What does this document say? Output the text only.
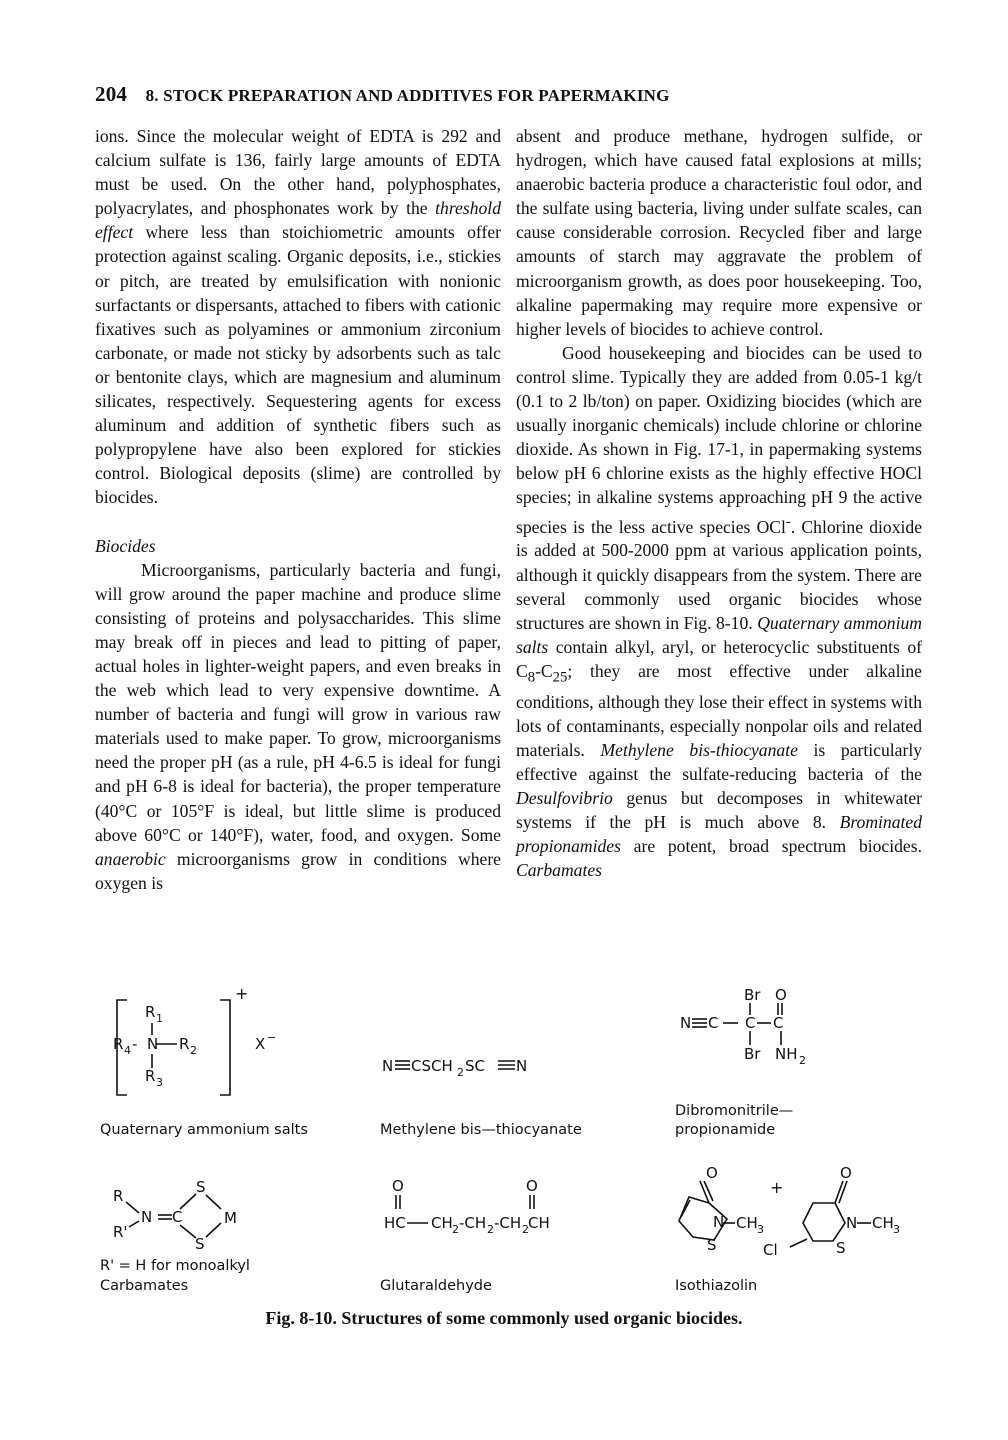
204 8. STOCK PREPARATION AND ADDITIVES FOR PAPERMAKING

ions. Since the molecular weight of EDTA is 292 and calcium sulfate is 136, fairly large amounts of EDTA must be used. On the other hand, polyphosphates, polyacrylates, and phosphonates work by the threshold effect where less than stoichiometric amounts offer protection against scaling. Organic deposits, i.e., stickies or pitch, are treated by emulsification with nonionic surfactants or dispersants, attached to fibers with cationic fixatives such as polyamines or ammonium zirconium carbonate, or made not sticky by adsorbents such as talc or bentonite clays, which are magnesium and aluminum silicates, respectively. Sequestering agents for excess aluminum and addition of synthetic fibers such as polypropylene have also been explored for stickies control. Biological deposits (slime) are controlled by biocides.

Biocides

Microorganisms, particularly bacteria and fungi, will grow around the paper machine and produce slime consisting of proteins and polysaccharides. This slime may break off in pieces and lead to pitting of paper, actual holes in lighter-weight papers, and even breaks in the web which lead to very expensive downtime. A number of bacteria and fungi will grow in various raw materials used to make paper. To grow, microorganisms need the proper pH (as a rule, pH 4-6.5 is ideal for fungi and pH 6-8 is ideal for bacteria), the proper temperature (40°C or 105°F is ideal, but little slime is produced above 60°C or 140°F), water, food, and oxygen. Some anaerobic microorganisms grow in conditions where oxygen is

absent and produce methane, hydrogen sulfide, or hydrogen, which have caused fatal explosions at mills; anaerobic bacteria produce a characteristic foul odor, and the sulfate using bacteria, living under sulfate scales, can cause considerable corrosion. Recycled fiber and large amounts of starch may aggravate the problem of microorganism growth, as does poor housekeeping. Too, alkaline papermaking may require more expensive or higher levels of biocides to achieve control.

Good housekeeping and biocides can be used to control slime. Typically they are added from 0.05-1 kg/t (0.1 to 2 lb/ton) on paper. Oxidizing biocides (which are usually inorganic chemicals) include chlorine or chlorine dioxide. As shown in Fig. 17-1, in papermaking systems below pH 6 chlorine exists as the highly effective HOCl species; in alkaline systems approaching pH 9 the active species is the less active species OCl-. Chlorine dioxide is added at 500-2000 ppm at various application points, although it quickly disappears from the system. There are several commonly used organic biocides whose structures are shown in Fig. 8-10. Quaternary ammonium salts contain alkyl, aryl, or heterocyclic substituents of $C_8-C_{25}$; they are most effective under alkaline conditions, although they lose their effect in systems with lots of contaminants, especially nonpolar oils and related materials. Methylene bis-thiocyanate is particularly effective against the sulfate-reducing bacteria of the Desulfovibrio genus but decomposes in whitewater systems if the pH is much above 8. Brominated propionamides are potent, broad spectrum biocides. Carbamates

R 1
R 4 - N R 2
R 3
+
X −
N CSCH 2 SC N
N C C C
Br O
Br NH 2
R
R'
N C
S
S
M
O	O
HC CH 2 -CH 2 -CH 2 CH
O
N CH 3
S
+
Cl
O
N CH 3
S
Quaternary ammonium salts	Methylene bis—thiocyanate
Dibromonitrile—
propionamide
R' = H for monoalkyl
Carbamates	Glutaraldehyde	Isothiazolin
Fig. 8-10. Structures of some commonly used organic biocides.
